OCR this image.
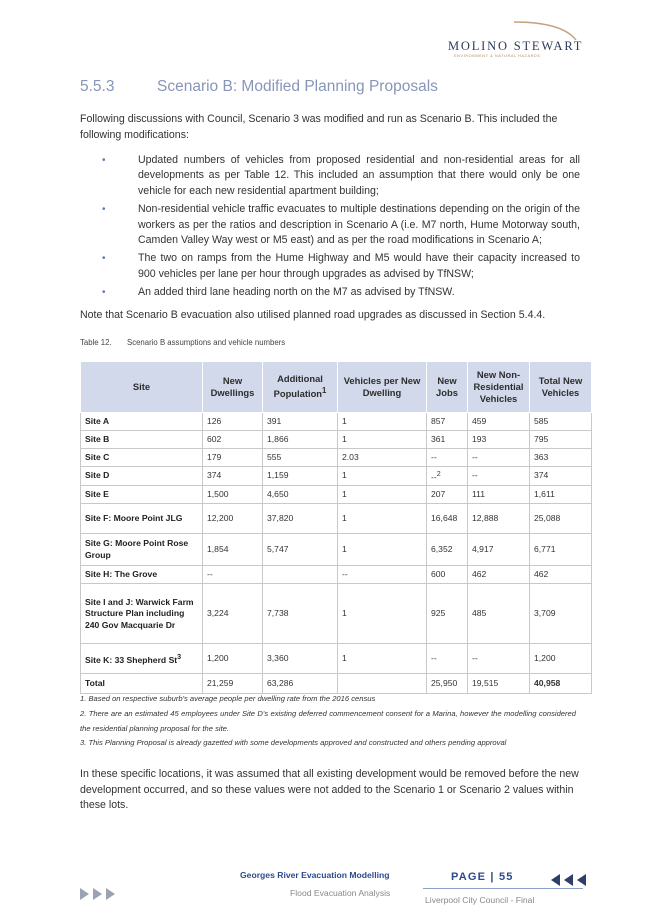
MOLINO STEWART
ENVIRONMENT & NATURAL HAZARDS
5.5.3	Scenario B: Modified Planning Proposals
Following discussions with Council, Scenario 3 was modified and run as Scenario B. This included the following modifications:
•	Updated numbers of vehicles from proposed residential and non-residential areas for all developments as per Table 12. This included an assumption that there would only be one vehicle for each new residential apartment building;
•	Non-residential vehicle traffic evacuates to multiple destinations depending on the origin of the workers as per the ratios and description in Scenario A (i.e. M7 north, Hume Motorway south, Camden Valley Way west or M5 east) and as per the road modifications in Scenario A;
•	The two on ramps from the Hume Highway and M5 would have their capacity increased to 900 vehicles per lane per hour through upgrades as advised by TfNSW;
•	An added third lane heading north on the M7 as advised by TfNSW.
Note that Scenario B evacuation also utilised planned road upgrades as discussed in Section 5.4.4.
Table 12. Scenario B assumptions and vehicle numbers
Site	New Dwellings	Additional Population$^1$	Vehicles per New Dwelling	New Jobs	New Non-Residential Vehicles	Total New Vehicles
Site A	126	391	1	857	459	585
Site B	602	1,866	1	361	193	795
Site C	179	555	2.03	--	--	363
Site D	374	1,159	1	--$^2$	--	374
Site E	1,500	4,650	1	207	111	1,611
Site F: Moore Point JLG	12,200	37,820	1	16,648	12,888	25,088
Site G: Moore Point Rose Group	1,854	5,747	1	6,352	4,917	6,771
Site H: The Grove	--		--	600	462	462
Site I and J: Warwick Farm Structure Plan including 240 Gov Macquarie Dr	3,224	7,738	1	925	485	3,709
Site K: 33 Shepherd St$^3$	1,200	3,360	1	--	--	1,200
Total	21,259	63,286		25,950	19,515	40,958
1. Based on respective suburb's average people per dwelling rate from the 2016 census
2. There are an estimated 45 employees under Site D's existing deferred commencement consent for a Marina, however the modelling considered the residential planning proposal for the site.
3. This Planning Proposal is already gazetted with some developments approved and constructed and others pending approval
In these specific locations, it was assumed that all existing development would be removed before the new development occurred, and so these values were not added to the Scenario 1 or Scenario 2 values within these lots.
Georges River Evacuation Modelling	PAGE | 55
Flood Evacuation Analysis
Liverpool City Council - Final
